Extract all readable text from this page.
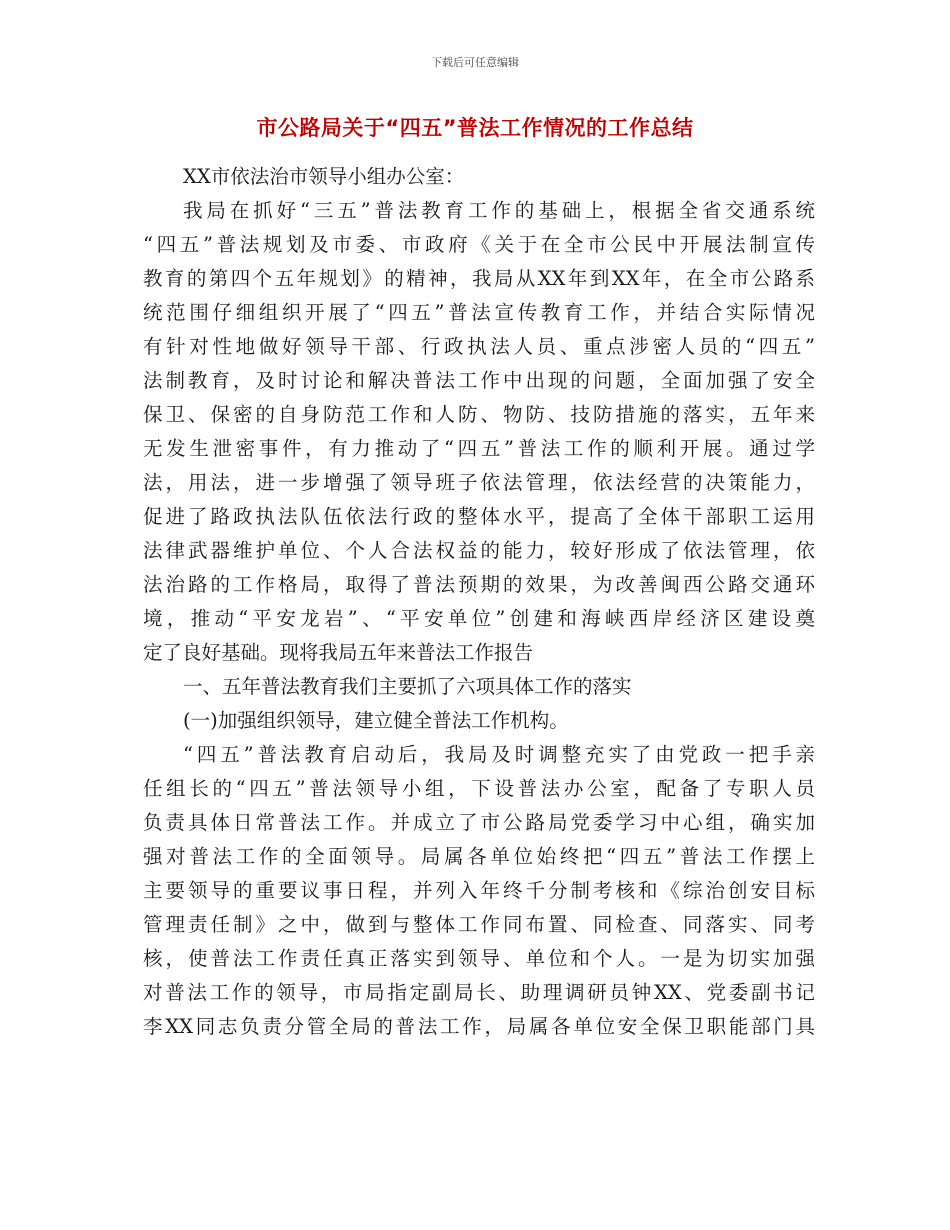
下载后可任意编辑
市公路局关于“四五”普法工作情况的工作总结
XX市依法治市领导小组办公室：
我局在抓好“三五”普法教育工作的基础上，根据全省交通系统
“四五”普法规划及市委、市政府《关于在全市公民中开展法制宣传
教育的第四个五年规划》的精神，我局从XX年到XX年，在全市公路系
统范围仔细组织开展了“四五”普法宣传教育工作，并结合实际情况
有针对性地做好领导干部、行政执法人员、重点涉密人员的“四五”
法制教育，及时讨论和解决普法工作中出现的问题，全面加强了安全
保卫、保密的自身防范工作和人防、物防、技防措施的落实，五年来
无发生泄密事件，有力推动了“四五”普法工作的顺利开展。通过学
法，用法，进一步增强了领导班子依法管理，依法经营的决策能力，
促进了路政执法队伍依法行政的整体水平，提高了全体干部职工运用
法律武器维护单位、个人合法权益的能力，较好形成了依法管理，依
法治路的工作格局，取得了普法预期的效果，为改善闽西公路交通环
境，推动“平安龙岩”、“平安单位”创建和海峡西岸经济区建设奠
定了良好基础。现将我局五年来普法工作报告
一、五年普法教育我们主要抓了六项具体工作的落实
(一)加强组织领导，建立健全普法工作机构。
“四五”普法教育启动后，我局及时调整充实了由党政一把手亲
任组长的“四五”普法领导小组，下设普法办公室，配备了专职人员
负责具体日常普法工作。并成立了市公路局党委学习中心组，确实加
强对普法工作的全面领导。局属各单位始终把“四五”普法工作摆上
主要领导的重要议事日程，并列入年终千分制考核和《综治创安目标
管理责任制》之中，做到与整体工作同布置、同检查、同落实、同考
核，使普法工作责任真正落实到领导、单位和个人。一是为切实加强
对普法工作的领导，市局指定副局长、助理调研员钟XX、党委副书记
李XX同志负责分管全局的普法工作，局属各单位安全保卫职能部门具
